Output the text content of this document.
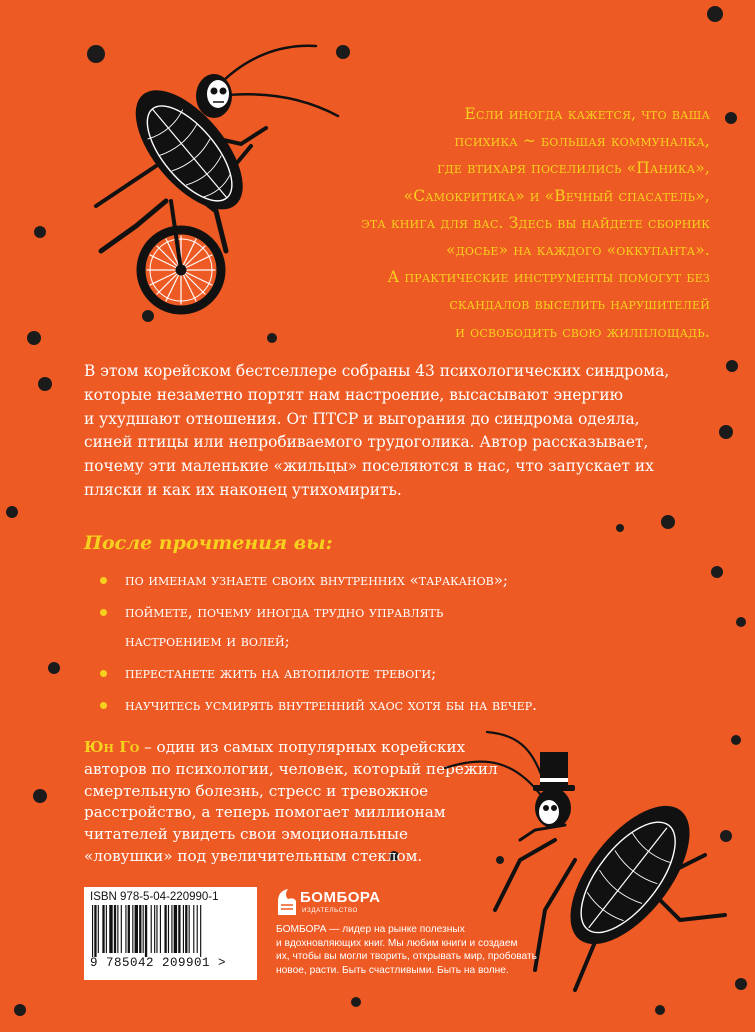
Если иногда кажется, что ваша

психика ~ большая коммуналка,

где втихаря поселились «Паника»,

«Самокритика» и «Вечный спасатель»,

эта книга для вас. Здесь вы найдете сборник

«досье» на каждого «оккупанта».

А практические инструменты помогут без

скандалов выселить нарушителей

и освободить свою жилплощадь.

В этом корейском бестселлере собраны 43 психологических синдрома,

которые незаметно портят нам настроение, высасывают энергию

и ухудшают отношения. От ПТСР и выгорания до синдрома одеяла,

синей птицы или непробиваемого трудоголика. Автор рассказывает,

почему эти маленькие «жильцы» поселяются в нас, что запускает их

пляски и как их наконец утихомирить.

После прочтения вы:
по именам узнаете своих внутренних «тараканов»;
поймете, почему иногда трудно управлять
настроением и волей;
перестанете жить на автопилоте тревоги;
научитесь усмирять внутренний хаос хотя бы на вечер.

Юн Го – один из самых популярных корейских

авторов по психологии, человек, который пережил

смертельную болезнь, стресс и тревожное

расстройство, а теперь помогает миллионам

читателей увидеть свои эмоциональные

«ловушки» под увеличительным стеклом.

ISBN 978-5-04-220990-1
9 785042 209901 >
БОМБОРА
ИЗДАТЕЛЬСТВО

БОМБОРА — лидер на рынке полезных

и вдохновляющих книг. Мы любим книги и создаем

их, чтобы вы могли творить, открывать мир, пробовать

новое, расти. Быть счастливыми. Быть на волне.
